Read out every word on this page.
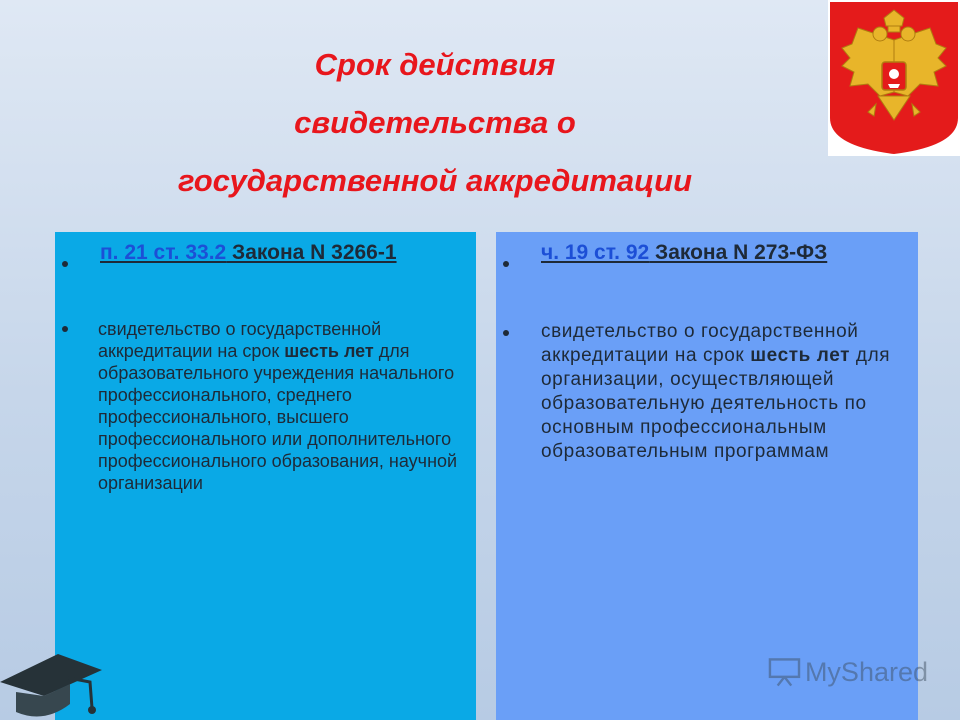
Срок действия
свидетельства о
государственной аккредитации
п. 21 ст. 33.2 Закона N 3266-1
свидетельство о государственной аккредитации на срок шесть лет для образовательного учреждения начального профессионального, среднего профессионального, высшего профессионального или дополнительного профессионального образования, научной организации
ч. 19 ст. 92 Закона N 273-ФЗ
свидетельство о государственной аккредитации на срок шесть лет для организации, осуществляющей образовательную деятельность по основным профессиональным образовательным программам
MyShared
